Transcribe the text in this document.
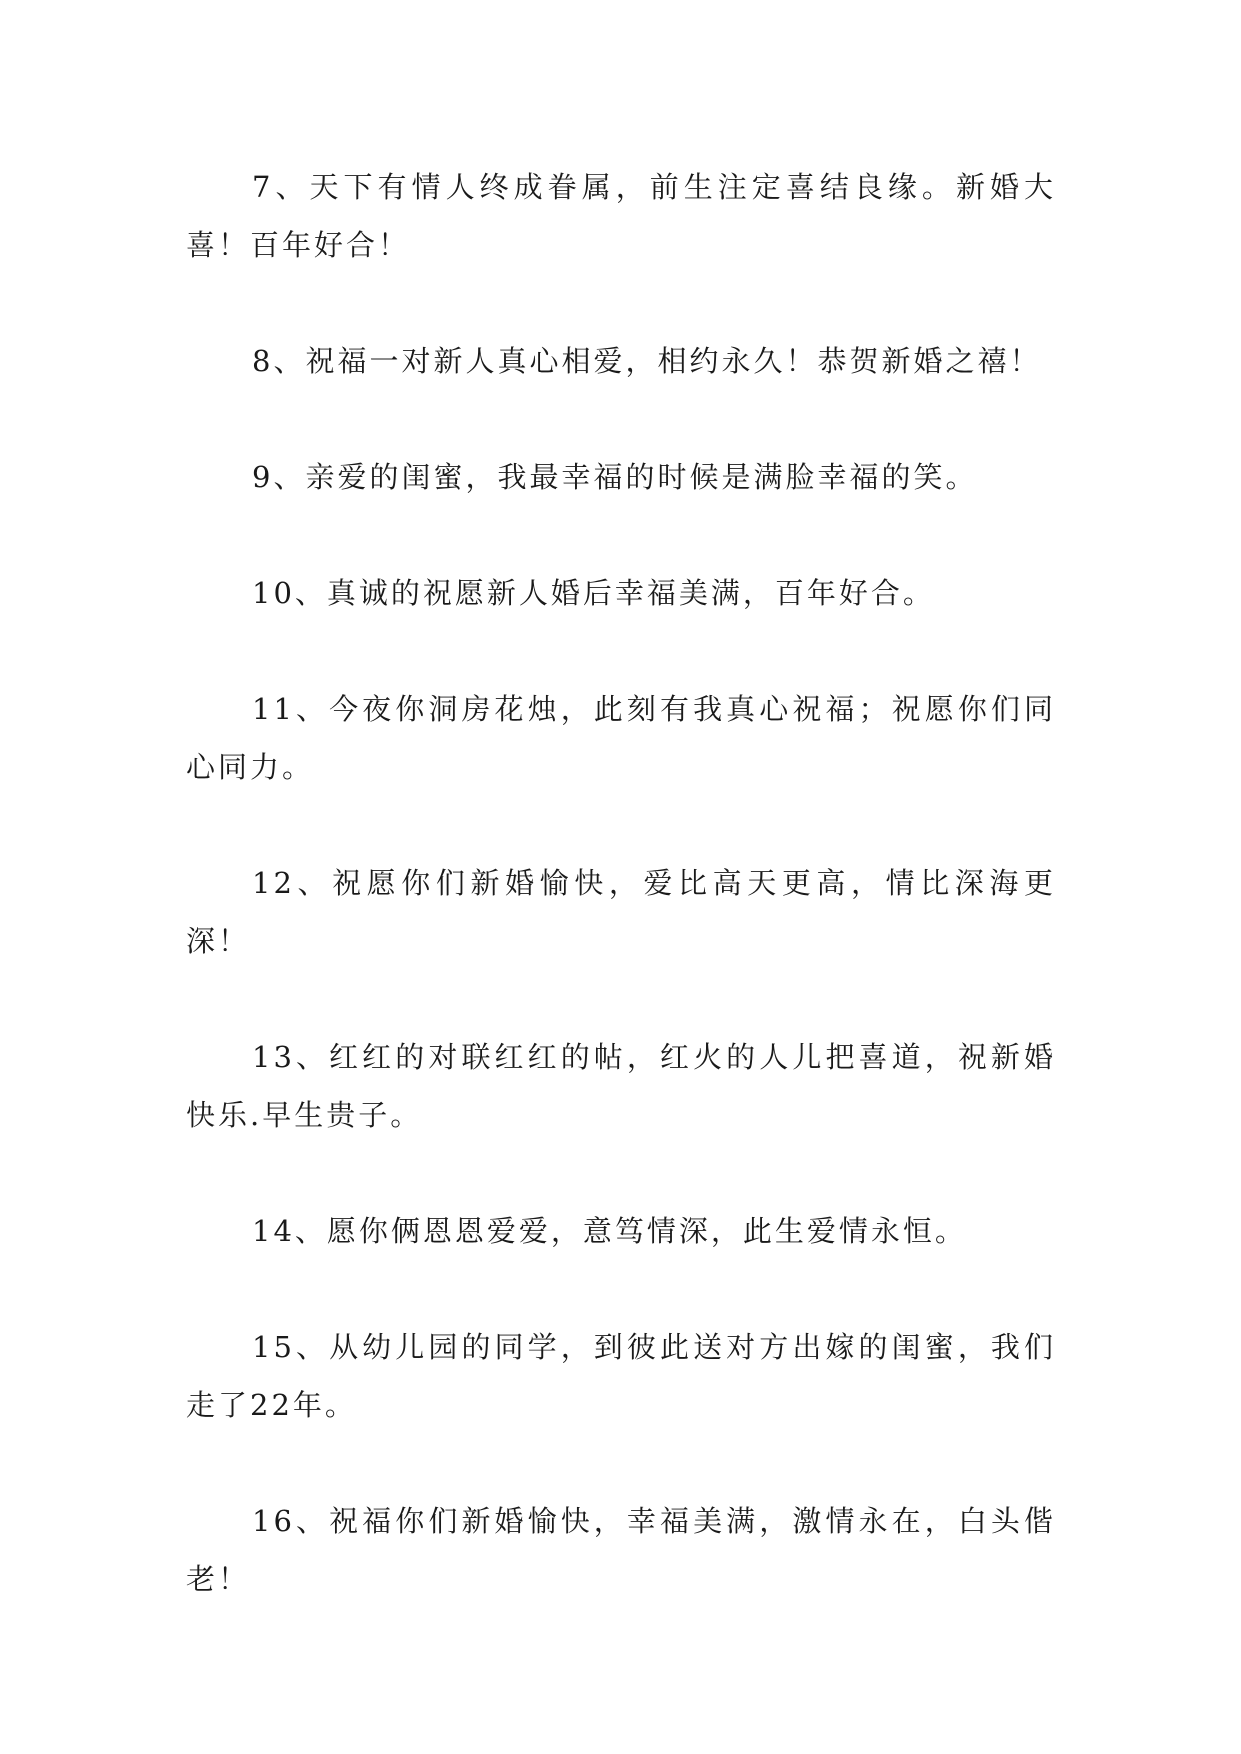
7、天下有情人终成眷属，前生注定喜结良缘。新婚大喜！百年好合！

8、祝福一对新人真心相爱，相约永久！恭贺新婚之禧！

9、亲爱的闺蜜，我最幸福的时候是满脸幸福的笑。

10、真诚的祝愿新人婚后幸福美满，百年好合。

11、今夜你洞房花烛，此刻有我真心祝福；祝愿你们同心同力。

12、祝愿你们新婚愉快，爱比高天更高，情比深海更深！

13、红红的对联红红的帖，红火的人儿把喜道，祝新婚快乐.早生贵子。

14、愿你俩恩恩爱爱，意笃情深，此生爱情永恒。

15、从幼儿园的同学，到彼此送对方出嫁的闺蜜，我们走了22年。

16、祝福你们新婚愉快，幸福美满，激情永在，白头偕老！
